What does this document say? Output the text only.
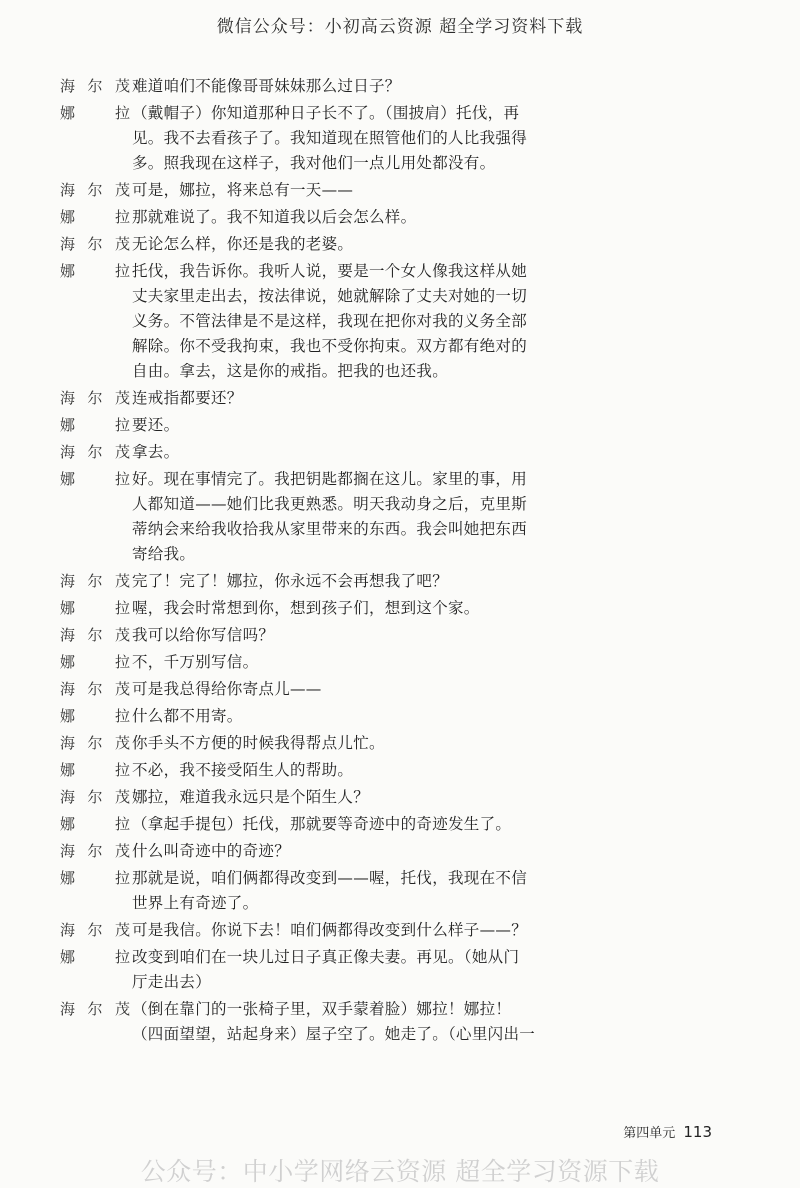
微信公众号：小初高云资源 超全学习资料下载
海尔茂 难道咱们不能像哥哥妹妹那么过日子？
娜　拉 （戴帽子）你知道那种日子长不了。（围披肩）托伐，再
见。我不去看孩子了。我知道现在照管他们的人比我强得
多。照我现在这样子，我对他们一点儿用处都没有。
海尔茂 可是，娜拉，将来总有一天——
娜　拉 那就难说了。我不知道我以后会怎么样。
海尔茂 无论怎么样，你还是我的老婆。
娜　拉 托伐，我告诉你。我听人说，要是一个女人像我这样从她
丈夫家里走出去，按法律说，她就解除了丈夫对她的一切
义务。不管法律是不是这样，我现在把你对我的义务全部
解除。你不受我拘束，我也不受你拘束。双方都有绝对的
自由。拿去，这是你的戒指。把我的也还我。
海尔茂 连戒指都要还？
娜　拉 要还。
海尔茂 拿去。
娜　拉 好。现在事情完了。我把钥匙都搁在这儿。家里的事，用
人都知道——她们比我更熟悉。明天我动身之后，克里斯
蒂纳会来给我收拾我从家里带来的东西。我会叫她把东西
寄给我。
海尔茂 完了！完了！娜拉，你永远不会再想我了吧？
娜　拉 喔，我会时常想到你，想到孩子们，想到这个家。
海尔茂 我可以给你写信吗？
娜　拉 不，千万别写信。
海尔茂 可是我总得给你寄点儿——
娜　拉 什么都不用寄。
海尔茂 你手头不方便的时候我得帮点儿忙。
娜　拉 不必，我不接受陌生人的帮助。
海尔茂 娜拉，难道我永远只是个陌生人？
娜　拉 （拿起手提包）托伐，那就要等奇迹中的奇迹发生了。
海尔茂 什么叫奇迹中的奇迹？
娜　拉 那就是说，咱们俩都得改变到——喔，托伐，我现在不信
世界上有奇迹了。
海尔茂 可是我信。你说下去！咱们俩都得改变到什么样子——？
娜　拉 改变到咱们在一块儿过日子真正像夫妻。再见。（她从门
厅走出去）
海尔茂 （倒在靠门的一张椅子里，双手蒙着脸）娜拉！娜拉！
（四面望望，站起身来）屋子空了。她走了。（心里闪出一
第四单元 113
公众号：中小学网络云资源 超全学习资源下载
